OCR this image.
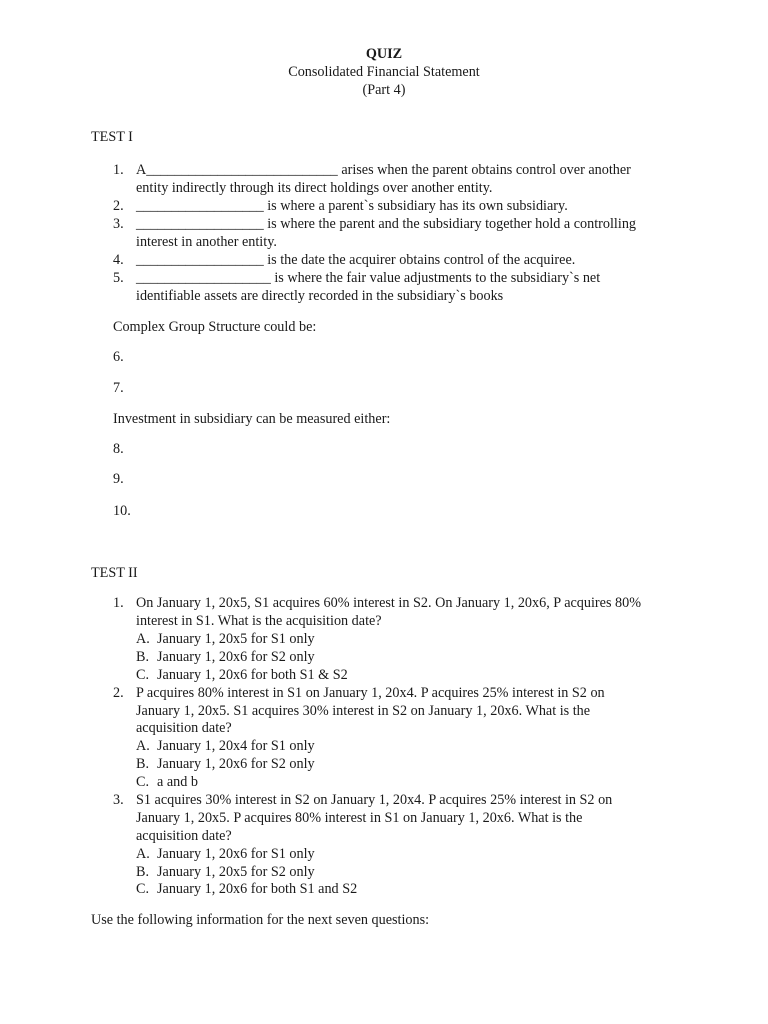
QUIZ
Consolidated Financial Statement
(Part 4)
TEST I
1. A___________________________ arises when the parent obtains control over another
entity indirectly through its direct holdings over another entity.
2. __________________ is where a parent`s subsidiary has its own subsidiary.
3. __________________ is where the parent and the subsidiary together hold a controlling
interest in another entity.
4. __________________ is the date the acquirer obtains control of the acquiree.
5. ___________________ is where the fair value adjustments to the subsidiary`s net
identifiable assets are directly recorded in the subsidiary`s books
Complex Group Structure could be:
6.
7.
Investment in subsidiary can be measured either:
8.
9.
10.
TEST II
1. On January 1, 20x5, S1 acquires 60% interest in S2. On January 1, 20x6, P acquires 80%
interest in S1. What is the acquisition date?
A. January 1, 20x5 for S1 only
B. January 1, 20x6 for S2 only
C. January 1, 20x6 for both S1 & S2
2. P acquires 80% interest in S1 on January 1, 20x4. P acquires 25% interest in S2 on
January 1, 20x5. S1 acquires 30% interest in S2 on January 1, 20x6. What is the
acquisition date?
A. January 1, 20x4 for S1 only
B. January 1, 20x6 for S2 only
C. a and b
3. S1 acquires 30% interest in S2 on January 1, 20x4. P acquires 25% interest in S2 on
January 1, 20x5. P acquires 80% interest in S1 on January 1, 20x6. What is the
acquisition date?
A. January 1, 20x6 for S1 only
B. January 1, 20x5 for S2 only
C. January 1, 20x6 for both S1 and S2
Use the following information for the next seven questions:
